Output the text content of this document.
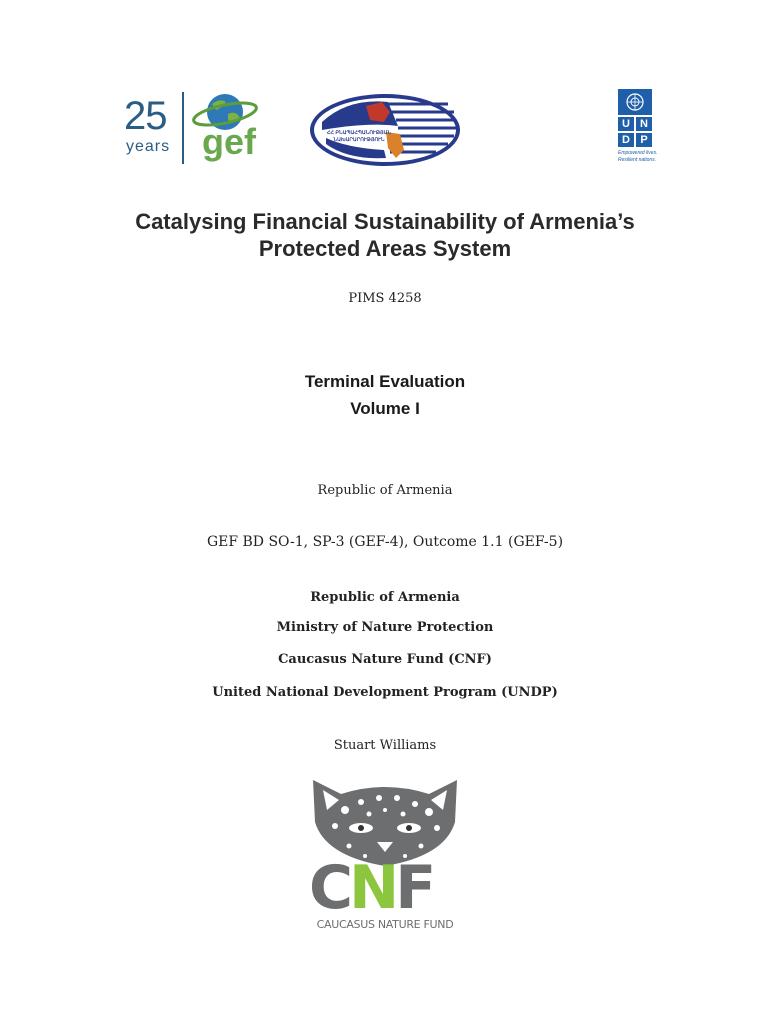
25
years gef	ՀՀ ԲՆԱՊԱՀՊԱՆՈՒԹՅԱՆ ՆԱԽԱՐԱՐՈՒԹՅՈՒՆ
U N
D P
Empowered lives.
Resilient nations.
Catalysing Financial Sustainability of Armenia’s
Protected Areas System
PIMS 4258
Terminal Evaluation
Volume I
Republic of Armenia
GEF BD SO-1, SP-3 (GEF-4), Outcome 1.1 (GEF-5)
Republic of Armenia
Ministry of Nature Protection
Caucasus Nature Fund (CNF)
United National Development Program (UNDP)
Stuart Williams
CNF
CAUCASUS NATURE FUND
